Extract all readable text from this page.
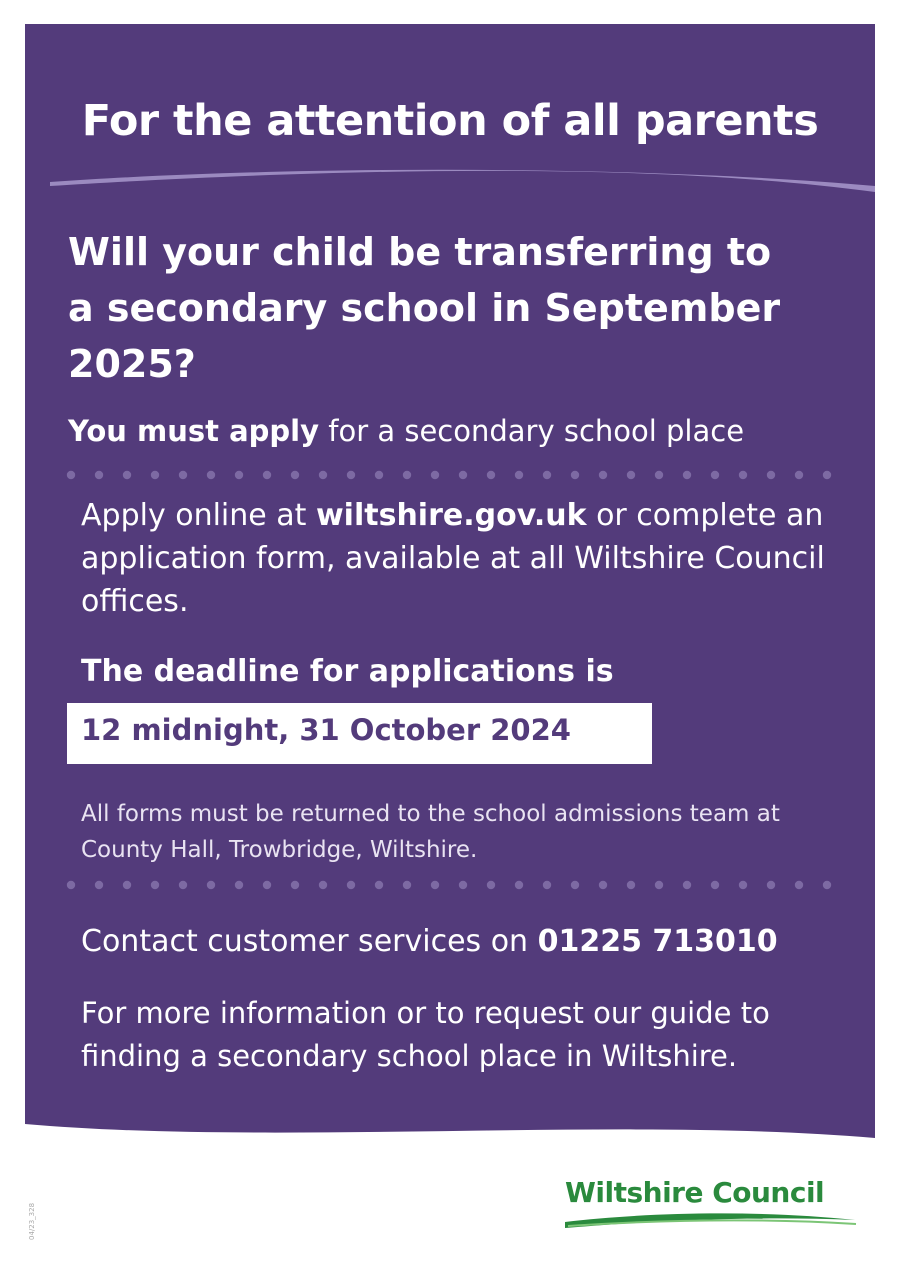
For the attention of all parents
Will your child be transferring to a secondary school in September 2025?

You must apply for a secondary school place

Apply online at wiltshire.gov.uk or complete an application form, available at all Wiltshire Council offices.

The deadline for applications is

12 midnight, 31 October 2024

All forms must be returned to the school admissions team at County Hall, Trowbridge, Wiltshire.

Contact customer services on 01225 713010

For more information or to request our guide to finding a secondary school place in Wiltshire.

Wiltshire Council
04/23_328
